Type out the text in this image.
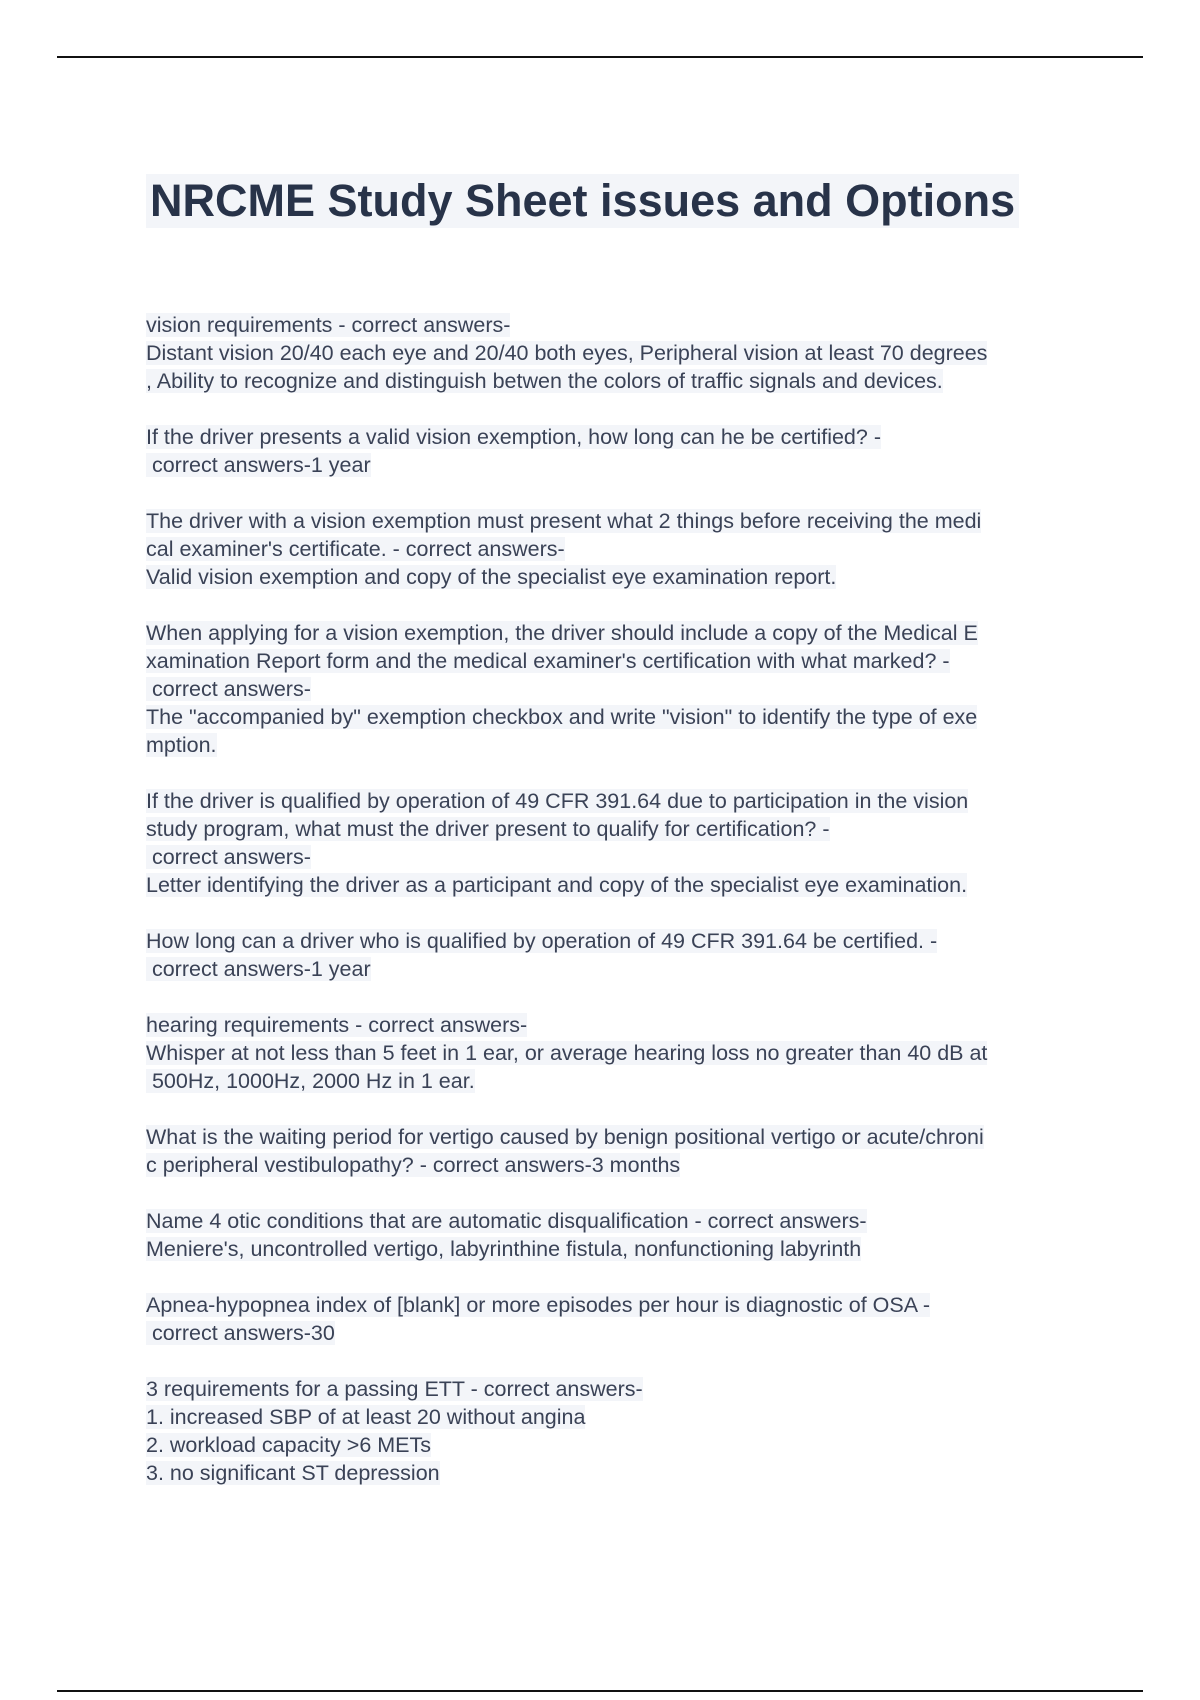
NRCME Study Sheet issues and Options
vision requirements - correct answers-
Distant vision 20/40 each eye and 20/40 both eyes, Peripheral vision at least 70 degrees
, Ability to recognize and distinguish betwen the colors of traffic signals and devices.
If the driver presents a valid vision exemption, how long can he be certified? -
correct answers-1 year
The driver with a vision exemption must present what 2 things before receiving the medi
cal examiner's certificate. - correct answers-
Valid vision exemption and copy of the specialist eye examination report.
When applying for a vision exemption, the driver should include a copy of the Medical E
xamination Report form and the medical examiner's certification with what marked? -
correct answers-
The "accompanied by" exemption checkbox and write "vision" to identify the type of exe
mption.
If the driver is qualified by operation of 49 CFR 391.64 due to participation in the vision
study program, what must the driver present to qualify for certification? -
correct answers-
Letter identifying the driver as a participant and copy of the specialist eye examination.
How long can a driver who is qualified by operation of 49 CFR 391.64 be certified. -
correct answers-1 year
hearing requirements - correct answers-
Whisper at not less than 5 feet in 1 ear, or average hearing loss no greater than 40 dB at
500Hz, 1000Hz, 2000 Hz in 1 ear.
What is the waiting period for vertigo caused by benign positional vertigo or acute/chroni
c peripheral vestibulopathy? - correct answers-3 months
Name 4 otic conditions that are automatic disqualification - correct answers-
Meniere's, uncontrolled vertigo, labyrinthine fistula, nonfunctioning labyrinth
Apnea-hypopnea index of [blank] or more episodes per hour is diagnostic of OSA -
correct answers-30
3 requirements for a passing ETT - correct answers-
1. increased SBP of at least 20 without angina
2. workload capacity >6 METs
3. no significant ST depression
